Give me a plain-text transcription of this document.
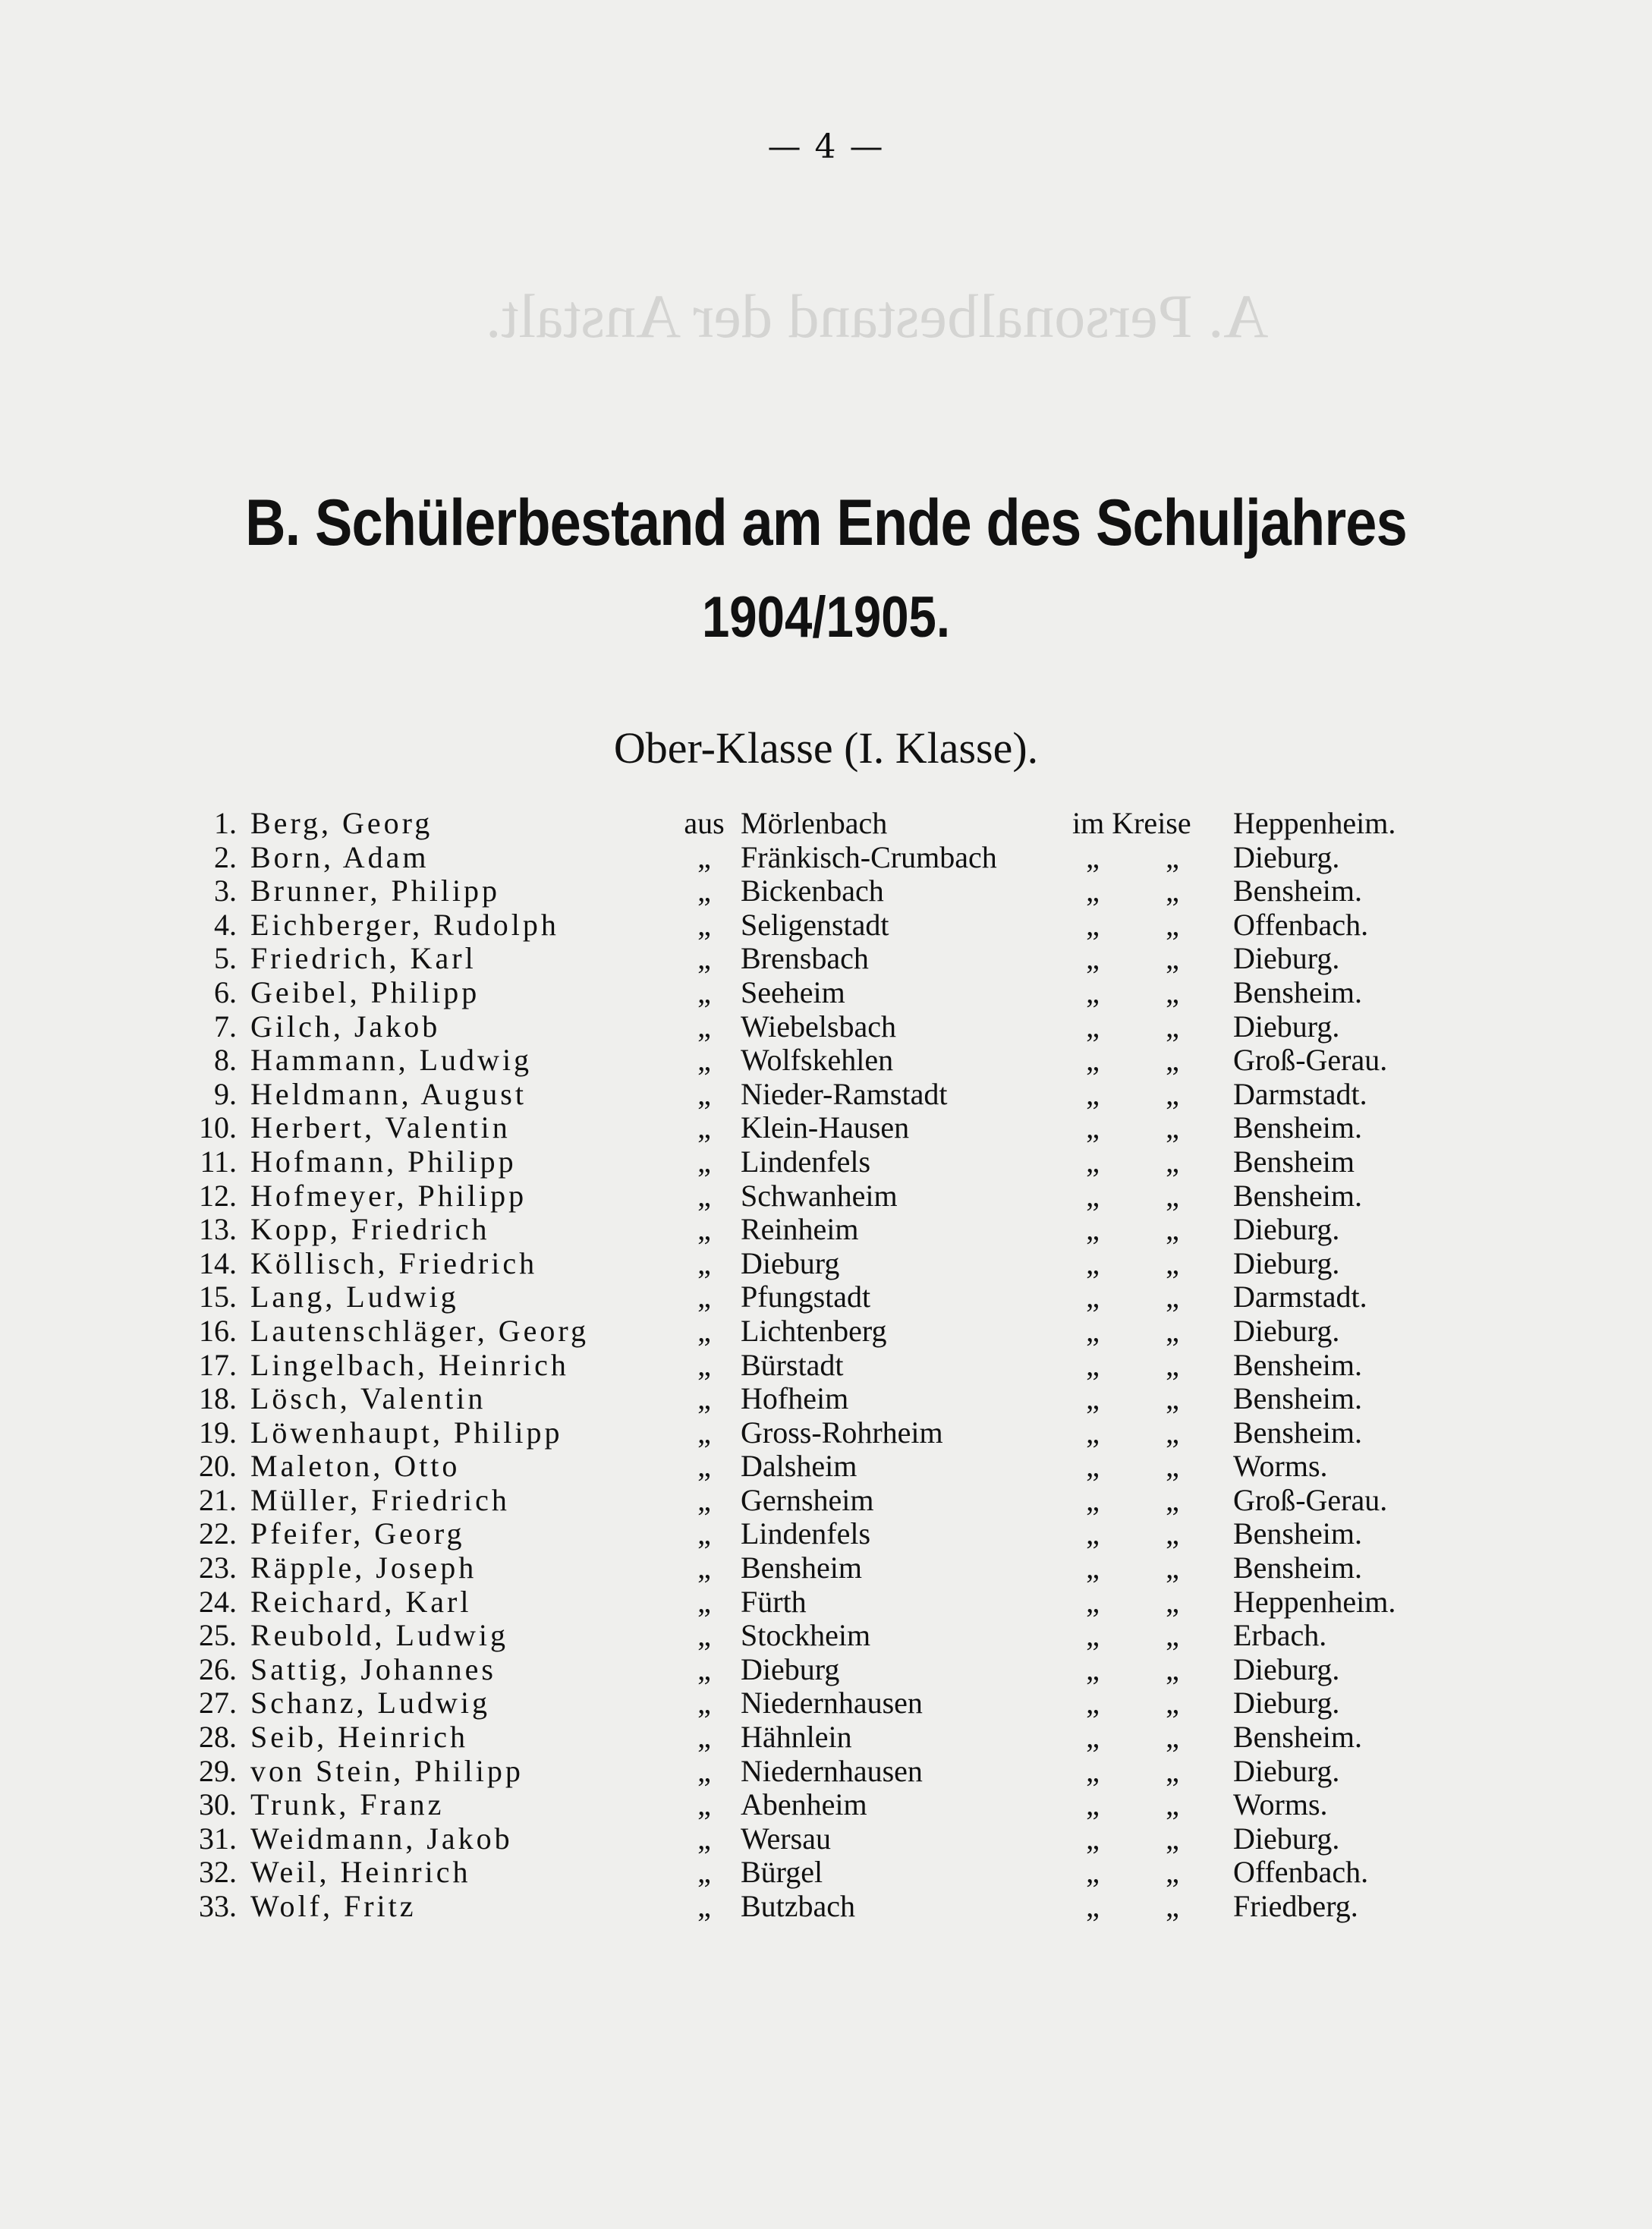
A. Personalbestand der Anstalt.
— 4 —
B. Schülerbestand am Ende des Schuljahres
1904/1905.
Ober-Klasse (I. Klasse).
1. Berg, Georg	aus Mörlenbach	im Kreise Heppenheim.
2. Born, Adam	„ Fränkisch-Crumbach	„	„	Dieburg.
3. Brunner, Philipp	„ Bickenbach	„	„	Bensheim.
4. Eichberger, Rudolph	„ Seligenstadt	„	„	Offenbach.
5. Friedrich, Karl	„ Brensbach	„	„	Dieburg.
6. Geibel, Philipp	„ Seeheim	„	„	Bensheim.
7. Gilch, Jakob	„ Wiebelsbach	„	„	Dieburg.
8. Hammann, Ludwig	„ Wolfskehlen	„	„	Groß-Gerau.
9. Heldmann, August	„ Nieder-Ramstadt	„	„	Darmstadt.
10. Herbert, Valentin	„ Klein-Hausen	„	„	Bensheim.
11. Hofmann, Philipp	„ Lindenfels	„	„	Bensheim
12. Hofmeyer, Philipp	„ Schwanheim	„	„	Bensheim.
13. Kopp, Friedrich	„ Reinheim	„	„	Dieburg.
14. Köllisch, Friedrich	„ Dieburg	„	„	Dieburg.
15. Lang, Ludwig	„ Pfungstadt	„	„	Darmstadt.
16. Lautenschläger, Georg	„ Lichtenberg	„	„	Dieburg.
17. Lingelbach, Heinrich	„ Bürstadt	„	„	Bensheim.
18. Lösch, Valentin	„ Hofheim	„	„	Bensheim.
19. Löwenhaupt, Philipp	„ Gross-Rohrheim	„	„	Bensheim.
20. Maleton, Otto	„ Dalsheim	„	„	Worms.
21. Müller, Friedrich	„ Gernsheim	„	„	Groß-Gerau.
22. Pfeifer, Georg	„ Lindenfels	„	„	Bensheim.
23. Räpple, Joseph	„ Bensheim	„	„	Bensheim.
24. Reichard, Karl	„ Fürth	„	„	Heppenheim.
25. Reubold, Ludwig	„ Stockheim	„	„	Erbach.
26. Sattig, Johannes	„ Dieburg	„	„	Dieburg.
27. Schanz, Ludwig	„ Niedernhausen	„	„	Dieburg.
28. Seib, Heinrich	„ Hähnlein	„	„	Bensheim.
29. von Stein, Philipp	„ Niedernhausen	„	„	Dieburg.
30. Trunk, Franz	„ Abenheim	„	„	Worms.
31. Weidmann, Jakob	„ Wersau	„	„	Dieburg.
32. Weil, Heinrich	„ Bürgel	„	„	Offenbach.
33. Wolf, Fritz	„ Butzbach	„	„	Friedberg.
